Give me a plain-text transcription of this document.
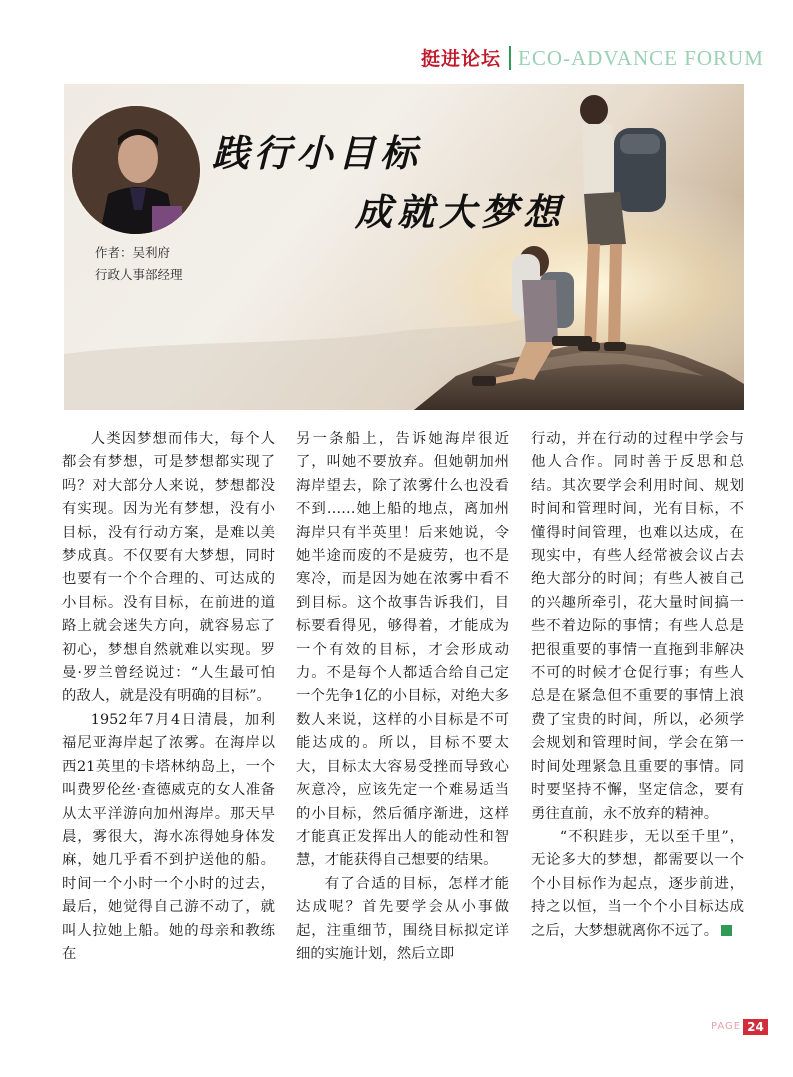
挺进论坛 ECO-ADVANCE FORUM
作者：吴利府
行政人事部经理
践行小目标
成就大梦想

人类因梦想而伟大，每个人都会有梦想，可是梦想都实现了吗？对大部分人来说，梦想都没有实现。因为光有梦想，没有小目标，没有行动方案，是难以美梦成真。不仅要有大梦想，同时也要有一个个合理的、可达成的小目标。没有目标，在前进的道路上就会迷失方向，就容易忘了初心，梦想自然就难以实现。罗曼·罗兰曾经说过：“人生最可怕的敌人，就是没有明确的目标”。

1952年7月4日清晨，加利福尼亚海岸起了浓雾。在海岸以西21英里的卡塔林纳岛上，一个叫费罗伦丝·查德威克的女人准备从太平洋游向加州海岸。那天早晨，雾很大，海水冻得她身体发麻，她几乎看不到护送他的船。时间一个小时一个小时的过去，最后，她觉得自己游不动了，就叫人拉她上船。她的母亲和教练在

另一条船上，告诉她海岸很近了，叫她不要放弃。但她朝加州海岸望去，除了浓雾什么也没看不到……她上船的地点，离加州海岸只有半英里！后来她说，令她半途而废的不是疲劳，也不是寒冷，而是因为她在浓雾中看不到目标。这个故事告诉我们，目标要看得见，够得着，才能成为一个有效的目标，才会形成动力。不是每个人都适合给自己定一个先争1亿的小目标，对绝大多数人来说，这样的小目标是不可能达成的。所以，目标不要太大，目标太大容易受挫而导致心灰意冷，应该先定一个难易适当的小目标，然后循序渐进，这样才能真正发挥出人的能动性和智慧，才能获得自己想要的结果。

有了合适的目标，怎样才能达成呢？首先要学会从小事做起，注重细节，围绕目标拟定详细的实施计划，然后立即

行动，并在行动的过程中学会与他人合作。同时善于反思和总结。其次要学会利用时间、规划时间和管理时间，光有目标，不懂得时间管理，也难以达成，在现实中，有些人经常被会议占去绝大部分的时间；有些人被自己的兴趣所牵引，花大量时间搞一些不着边际的事情；有些人总是把很重要的事情一直拖到非解决不可的时候才仓促行事；有些人总是在紧急但不重要的事情上浪费了宝贵的时间，所以，必须学会规划和管理时间，学会在第一时间处理紧急且重要的事情。同时要坚持不懈，坚定信念，要有勇往直前，永不放弃的精神。

“不积跬步，无以至千里”，无论多大的梦想，都需要以一个个小目标作为起点，逐步前进，持之以恒，当一个个小目标达成之后，大梦想就离你不远了。

PAGE 24
